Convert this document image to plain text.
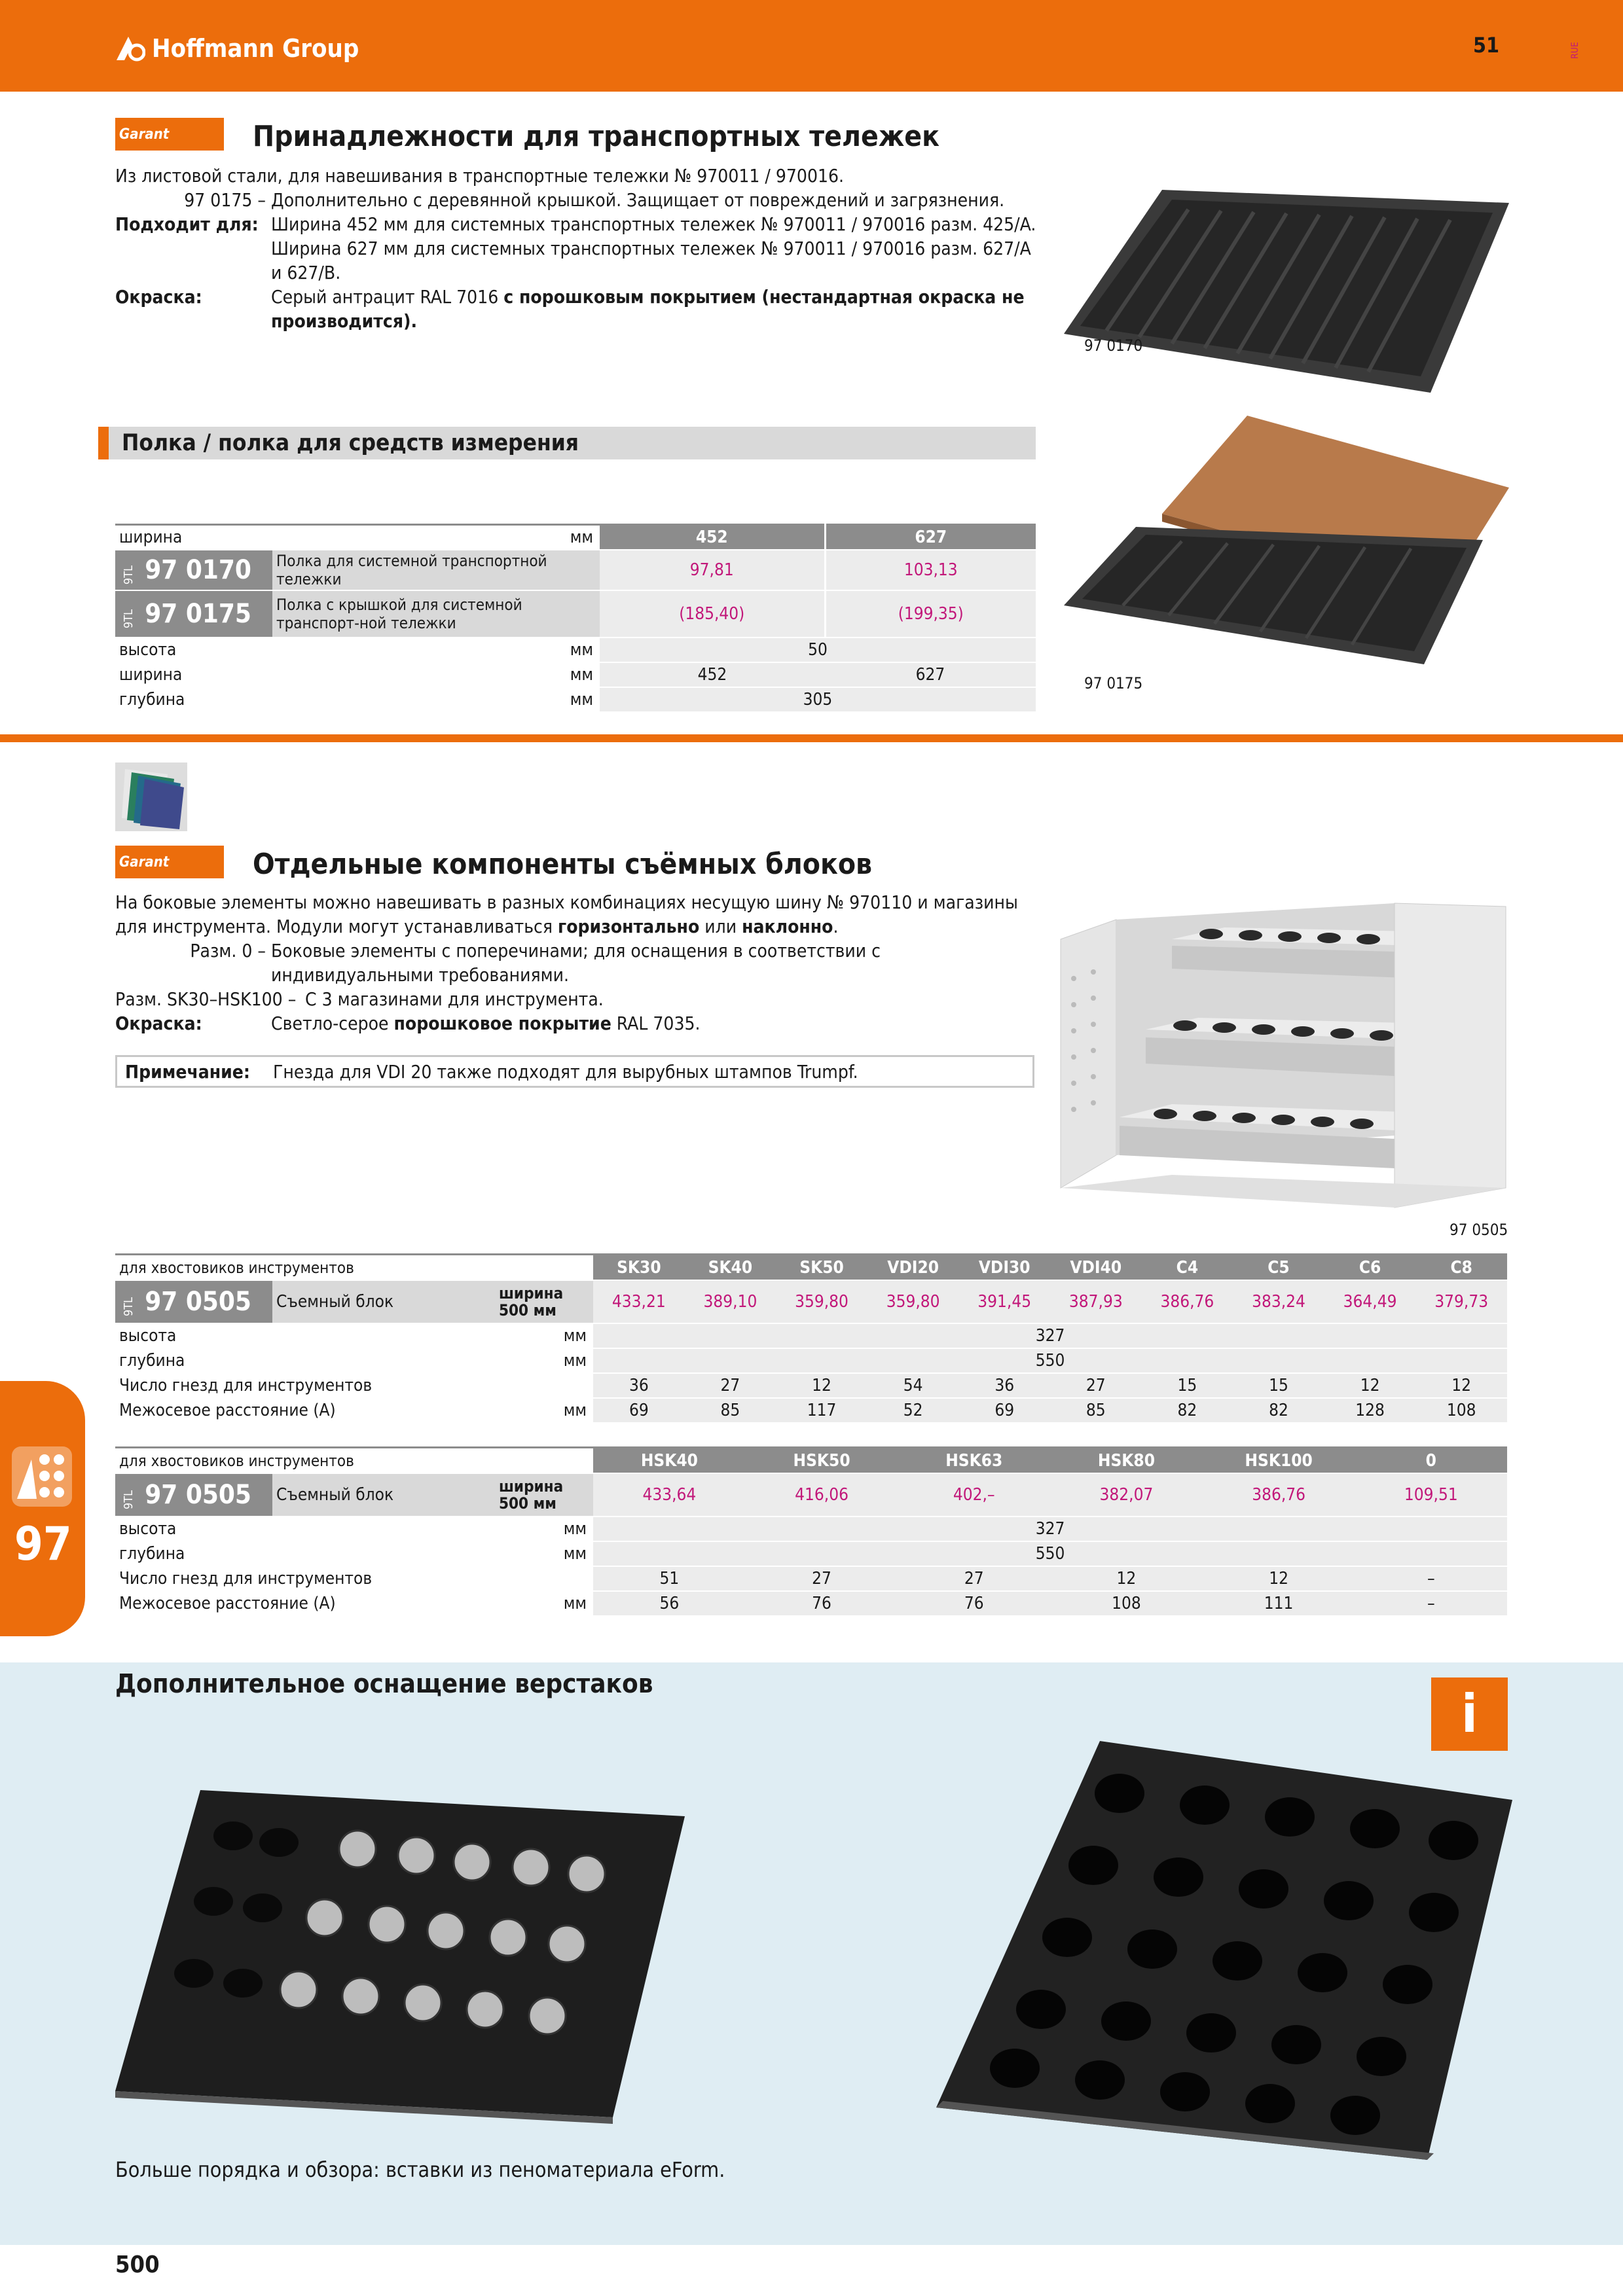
Hoffmann Group	51	RUE
Garant	Принадлежности для транспортных тележек
Из листовой стали, для навешивания в транспортные тележки № 970011 / 970016.
97 0175 – Дополнительно с деревянной крышкой. Защищает от повреждений и загрязнения.
Подходит для: Ширина 452 мм для системных транспортных тележек № 970011 / 970016 разм. 425/A.
Ширина 627 мм для системных транспортных тележек № 970011 / 970016 разм. 627/A
и 627/B.
Окраска:	Серый антрацит RAL 7016 с порошковым покрытием (нестандартная окраска не производится).
97 0170
97 0175
Полка / полка для средств измерения
ширина мм		452	627
9TL 97 0170	Полка для системной транспортной тележки	97,81	103,13
9TL 97 0175	Полка с крышкой для системной транспорт-ной тележки	(185,40)	(199,35)
высота мм		50	
ширина мм		452	627
глубина мм		305	
Garant	Отдельные компоненты съёмных блоков
На боковые элементы можно навешивать в разных комбинациях несущую шину № 970110 и магазины
для инструмента. Модули могут устанавливаться горизонтально или наклонно.
Разм. 0 – Боковые элементы с поперечинами; для оснащения в соответствии с
индивидуальными требованиями.
Разм. SK30–HSK100 – С 3 магазинами для инструмента.
Окраска:	Светло-серое порошковое покрытие RAL 7035.
Примечание:	Гнезда для VDI 20 также подходят для вырубных штампов Trumpf.
97 0505
для хвостовиков инструментов			SK30	SK40	SK50	VDI20	VDI30	VDI40	C4	C5	C6	C8
9TL 97 0505	Съемный блок	ширина 500 мм	433,21	389,10	359,80	359,80	391,45	387,93	386,76	383,24	364,49	379,73
высота мм			327									
глубина мм			550									
Число гнезд для инструментов			36	27	12	54	36	27	15	15	12	12
Межосевое расстояние (A) мм			69	85	117	52	69	85	82	82	128	108
для хвостовиков инструментов			HSK40	HSK50	HSK63	HSK80	HSK100	0
9TL 97 0505	Съемный блок	ширина 500 мм	433,64	416,06	402,–	382,07	386,76	109,51
высота мм			327					
глубина мм			550					
Число гнезд для инструментов			51	27	27	12	12	–
Межосевое расстояние (A) мм			56	76	76	108	111	–
97
Дополнительное оснащение верстаков	i
Больше порядка и обзора: вставки из пеноматериала eForm.
500
